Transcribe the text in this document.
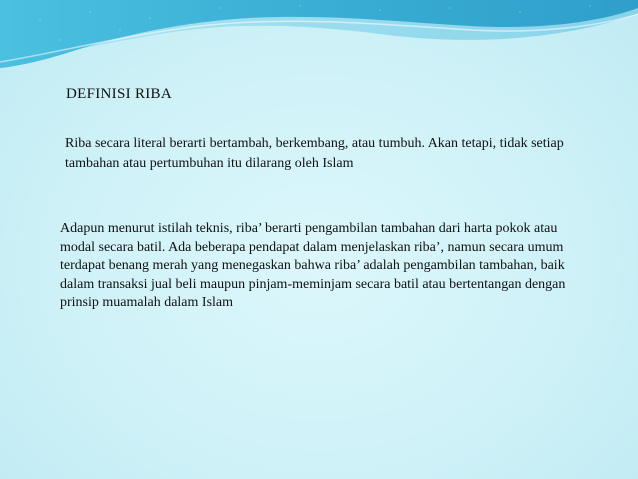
DEFINISI RIBA

Riba secara literal berarti bertambah, berkembang, atau tumbuh. Akan tetapi, tidak setiap tambahan atau pertumbuhan itu dilarang oleh Islam

Adapun menurut istilah teknis, riba’ berarti pengambilan tambahan dari harta pokok atau modal secara batil. Ada beberapa pendapat dalam menjelaskan riba’, namun secara umum terdapat benang merah yang menegaskan bahwa riba’ adalah pengambilan tambahan, baik dalam transaksi jual beli maupun pinjam-meminjam secara batil atau bertentangan dengan prinsip muamalah dalam Islam
